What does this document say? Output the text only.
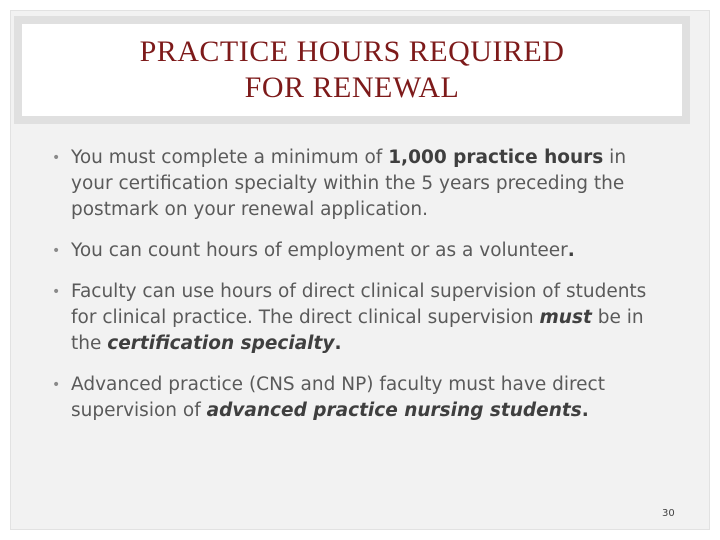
PRACTICE HOURS REQUIRED
FOR RENEWAL

• You must complete a minimum of 1,000 practice hours in your certification specialty within the 5 years preceding the postmark on your renewal application.

• You can count hours of employment or as a volunteer.

• Faculty can use hours of direct clinical supervision of students for clinical practice. The direct clinical supervision must be in the certification specialty.

• Advanced practice (CNS and NP) faculty must have direct supervision of advanced practice nursing students.

30
